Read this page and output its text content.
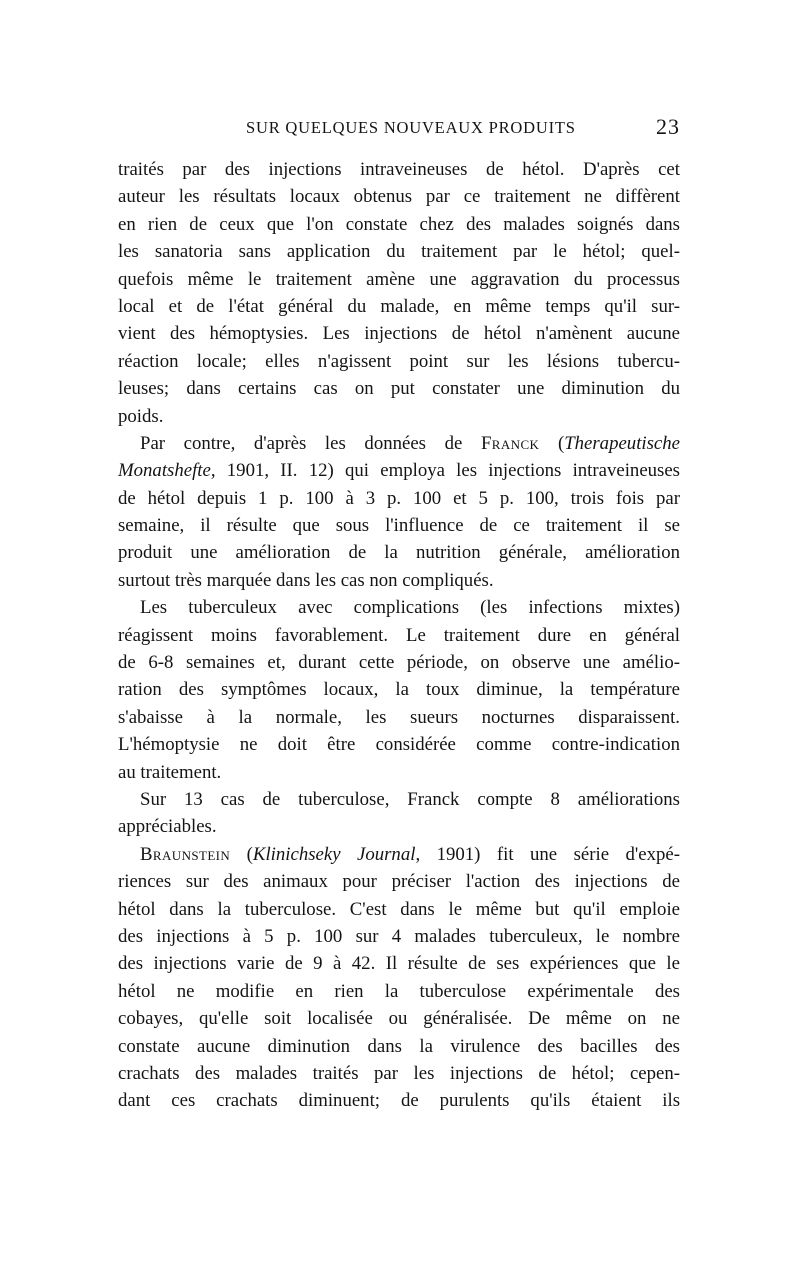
SUR QUELQUES NOUVEAUX PRODUITS	23
traités par des injections intraveineuses de hétol. D'après cet
auteur les résultats locaux obtenus par ce traitement ne diffèrent
en rien de ceux que l'on constate chez des malades soignés dans
les sanatoria sans application du traitement par le hétol; quel-
quefois même le traitement amène une aggravation du processus
local et de l'état général du malade, en même temps qu'il sur-
vient des hémoptysies. Les injections de hétol n'amènent aucune
réaction locale; elles n'agissent point sur les lésions tubercu-
leuses; dans certains cas on put constater une diminution du
poids.
Par contre, d'après les données de Franck (Therapeutische
Monatshefte, 1901, II. 12) qui employa les injections intraveineuses
de hétol depuis 1 p. 100 à 3 p. 100 et 5 p. 100, trois fois par
semaine, il résulte que sous l'influence de ce traitement il se
produit une amélioration de la nutrition générale, amélioration
surtout très marquée dans les cas non compliqués.
Les tuberculeux avec complications (les infections mixtes)
réagissent moins favorablement. Le traitement dure en général
de 6-8 semaines et, durant cette période, on observe une amélio-
ration des symptômes locaux, la toux diminue, la température
s'abaisse à la normale, les sueurs nocturnes disparaissent.
L'hémoptysie ne doit être considérée comme contre-indication
au traitement.
Sur 13 cas de tuberculose, Franck compte 8 améliorations
appréciables.
Braunstein (Klinichseky Journal, 1901) fit une série d'expé-
riences sur des animaux pour préciser l'action des injections de
hétol dans la tuberculose. C'est dans le même but qu'il emploie
des injections à 5 p. 100 sur 4 malades tuberculeux, le nombre
des injections varie de 9 à 42. Il résulte de ses expériences que le
hétol ne modifie en rien la tuberculose expérimentale des
cobayes, qu'elle soit localisée ou généralisée. De même on ne
constate aucune diminution dans la virulence des bacilles des
crachats des malades traités par les injections de hétol; cepen-
dant ces crachats diminuent; de purulents qu'ils étaient ils
